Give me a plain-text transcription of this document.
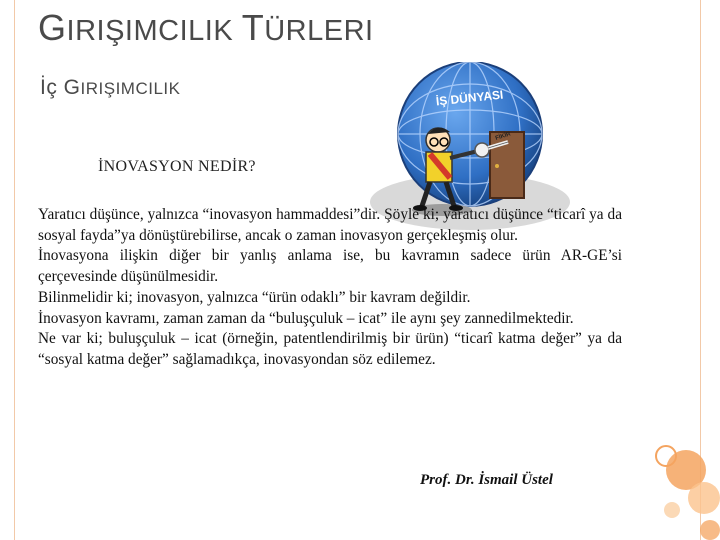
GIRIŞIMCILIK TÜRLERI
İç GIRIŞIMCILIK
İNOVASYON NEDİR?
İŞ DÜNYASI
FİKİR

Yaratıcı düşünce, yalnızca “inovasyon hammaddesi”dir. Şöyle ki; yaratıcı düşünce “ticarî ya da sosyal fayda”ya dönüştürebilirse, ancak o zaman inovasyon gerçekleşmiş olur.

İnovasyona ilişkin diğer bir yanlış anlama ise, bu kavramın sadece ürün AR-GE’si çerçevesinde düşünülmesidir.

Bilinmelidir ki; inovasyon, yalnızca “ürün odaklı” bir kavram değildir.

İnovasyon kavramı, zaman zaman da “buluşçuluk – icat” ile aynı şey zannedilmektedir.

Ne var ki; buluşçuluk – icat (örneğin, patentlendirilmiş bir ürün) “ticarî katma değer” ya da “sosyal katma değer” sağlamadıkça, inovasyondan söz edilemez.

Prof. Dr. İsmail Üstel
